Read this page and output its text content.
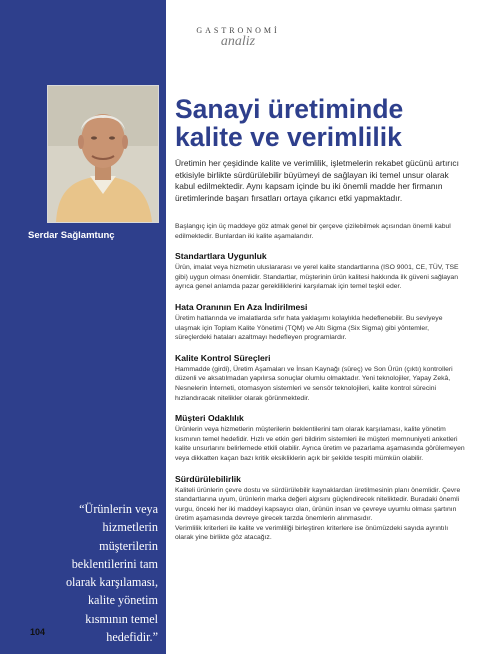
Serdar Sağlamtunç
“Ürünlerin veya hizmetlerin müşterilerin beklentilerini tam olarak karşılaması, kalite yönetim kısmının temel hedefidir.”
104
GASTRONOMİ
analiz
Sanayi üretiminde kalite ve verimlilik
Üretimin her çeşidinde kalite ve verimlilik, işletmelerin rekabet gücünü artırıcı etkisiyle birlikte sürdürülebilir büyümeyi de sağlayan iki temel unsur olarak kabul edilmektedir. Aynı kapsam içinde bu iki önemli madde her firmanın üretimlerinde başarı fırsatları ortaya çıkarıcı etki yapmaktadır.

Başlangıç için üç maddeye göz atmak genel bir çerçeve çizilebilmek açısından önemli kabul edilmektedir. Bunlardan iki kalite aşamalarıdır.

Standartlara Uygunluk

Ürün, imalat veya hizmetin uluslararası ve yerel kalite standartlarına (ISO 9001, CE, TÜV, TSE gibi) uygun olması önemlidir. Standartlar, müşterinin ürün kalitesi hakkında ilk güveni sağlayan ayrıca genel anlamda pazar gerekliliklerini karşılamak için temel teşkil eder.

Hata Oranının En Aza İndirilmesi

Üretim hatlarında ve imalatlarda sıfır hata yaklaşımı kolaylıkla hedeflenebilir. Bu seviyeye ulaşmak için Toplam Kalite Yönetimi (TQM) ve Altı Sigma (Six Sigma) gibi yöntemler, süreçlerdeki hataları azaltmayı hedefleyen programlardır.

Kalite Kontrol Süreçleri

Hammadde (girdi), Üretim Aşamaları ve İnsan Kaynağı (süreç) ve Son Ürün (çıktı) kontrolleri düzenli ve aksatılmadan yapılırsa sonuçlar olumlu olmaktadır. Yeni teknolojiler, Yapay Zekâ, Nesnelerin İnterneti, otomasyon sistemleri ve sensör teknolojileri, kalite kontrol sürecini hızlandıracak nitelikler olarak görünmektedir.

Müşteri Odaklılık

Ürünlerin veya hizmetlerin müşterilerin beklentilerini tam olarak karşılaması, kalite yönetim kısmının temel hedefidir. Hızlı ve etkin geri bildirim sistemleri ile müşteri memnuniyeti anketleri kalite unsurlarını belirlemede etkili olabilir. Ayrıca üretim ve pazarlama aşamasında görülemeyen veya dikkatten kaçan bazı kritik eksikliklerin açık bir şekilde tespiti mümkün olabilir.

Sürdürülebilirlik

Kaliteli ürünlerin çevre dostu ve sürdürülebilir kaynaklardan üretilmesinin planı önemlidir. Çevre standartlarına uyum, ürünlerin marka değeri algısını güçlendirecek niteliktedir. Buradaki önemli vurgu, önceki her iki maddeyi kapsayıcı olan, ürünün insan ve çevreye uyumlu olması şartının üretim aşamasında devreye girecek tarzda önemlerin alınmasıdır.

Verimlilik kriterleri ile kalite ve verimliliği birleştiren kriterlere ise önümüzdeki sayıda ayrıntılı olarak yine birlikte göz atacağız.
